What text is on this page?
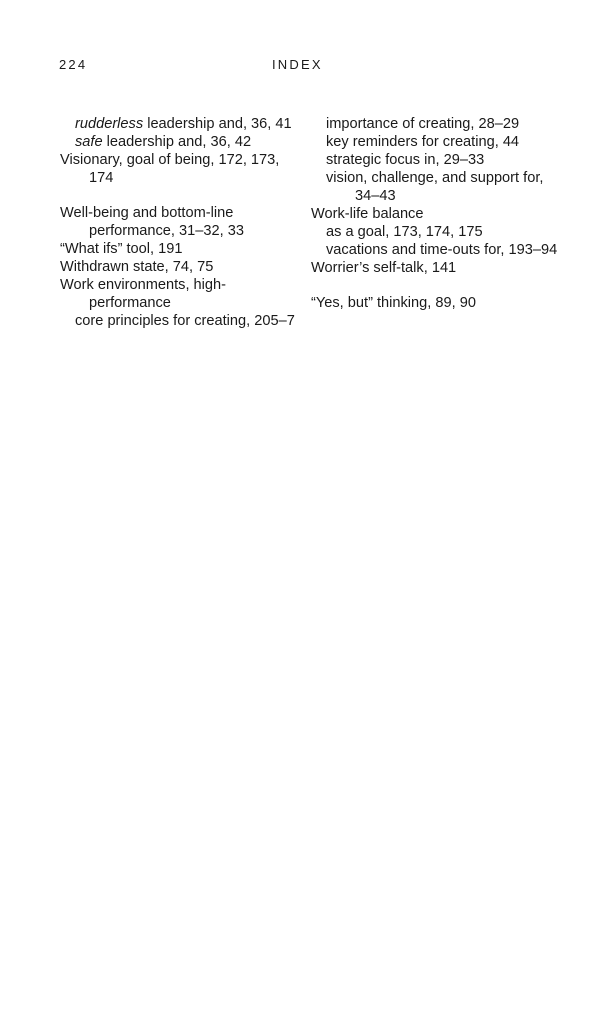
224	INDEX
rudderless leadership and, 36, 41
safe leadership and, 36, 42
Visionary, goal of being, 172, 173, 174
Well-being and bottom-line performance, 31–32, 33
“What ifs” tool, 191
Withdrawn state, 74, 75
Work environments, high-performance
core principles for creating, 205–7
importance of creating, 28–29
key reminders for creating, 44
strategic focus in, 29–33
vision, challenge, and support for, 34–43
Work-life balance
as a goal, 173, 174, 175
vacations and time-outs for, 193–94
Worrier’s self-talk, 141
“Yes, but” thinking, 89, 90
